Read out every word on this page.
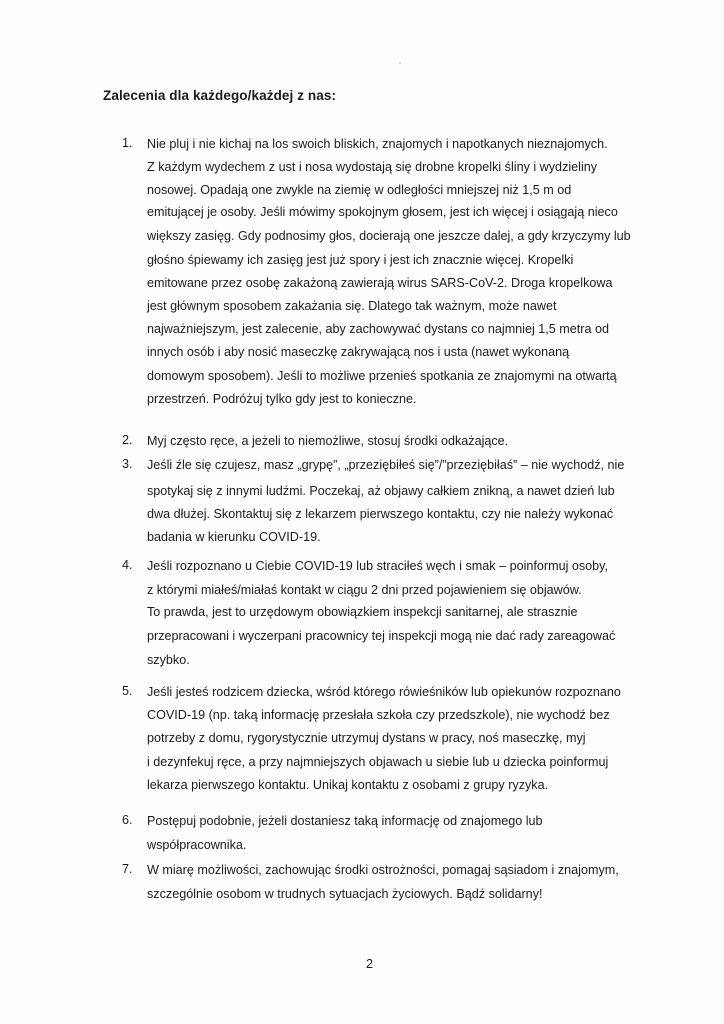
Zalecenia dla każdego/każdej z nas:
1.	Nie pluj i nie kichaj na los swoich bliskich, znajomych i napotkanych nieznajomych.
Z każdym wydechem z ust i nosa wydostają się drobne kropelki śliny i wydzieliny
nosowej. Opadają one zwykle na ziemię w odległości mniejszej niż 1,5 m od
emitującej je osoby. Jeśli mówimy spokojnym głosem, jest ich więcej i osiągają nieco
większy zasięg. Gdy podnosimy głos, docierają one jeszcze dalej, a gdy krzyczymy lub
głośno śpiewamy ich zasięg jest już spory i jest ich znacznie więcej. Kropelki
emitowane przez osobę zakażoną zawierają wirus SARS-CoV-2. Droga kropelkowa
jest głównym sposobem zakażania się. Dlatego tak ważnym, może nawet
najważniejszym, jest zalecenie, aby zachowywać dystans co najmniej 1,5 metra od
innych osób i aby nosić maseczkę zakrywającą nos i usta (nawet wykonaną
domowym sposobem). Jeśli to możliwe przenieś spotkania ze znajomymi na otwartą
przestrzeń. Podróżuj tylko gdy jest to konieczne.
2.	Myj często ręce, a jeżeli to niemożliwe, stosuj środki odkażające.
3.	Jeśli źle się czujesz, masz „grypę”, „przeziębiłeś się”/”przeziębiłaś” – nie wychodź, nie
spotykaj się z innymi ludźmi. Poczekaj, aż objawy całkiem znikną, a nawet dzień lub
dwa dłużej. Skontaktuj się z lekarzem pierwszego kontaktu, czy nie należy wykonać
badania w kierunku COVID-19.
4.	Jeśli rozpoznano u Ciebie COVID-19 lub straciłeś węch i smak – poinformuj osoby,
z którymi miałeś/miałaś kontakt w ciągu 2 dni przed pojawieniem się objawów.
To prawda, jest to urzędowym obowiązkiem inspekcji sanitarnej, ale strasznie
przepracowani i wyczerpani pracownicy tej inspekcji mogą nie dać rady zareagować
szybko.
5.	Jeśli jesteś rodzicem dziecka, wśród którego rówieśników lub opiekunów rozpoznano
COVID-19 (np. taką informację przesłała szkoła czy przedszkole), nie wychodź bez
potrzeby z domu, rygorystycznie utrzymuj dystans w pracy, noś maseczkę, myj
i dezynfekuj ręce, a przy najmniejszych objawach u siebie lub u dziecka poinformuj
lekarza pierwszego kontaktu. Unikaj kontaktu z osobami z grupy ryzyka.
6.	Postępuj podobnie, jeżeli dostaniesz taką informację od znajomego lub
współpracownika.
7.	W miarę możliwości, zachowując środki ostrożności, pomagaj sąsiadom i znajomym,
szczególnie osobom w trudnych sytuacjach życiowych. Bądź solidarny!
2
